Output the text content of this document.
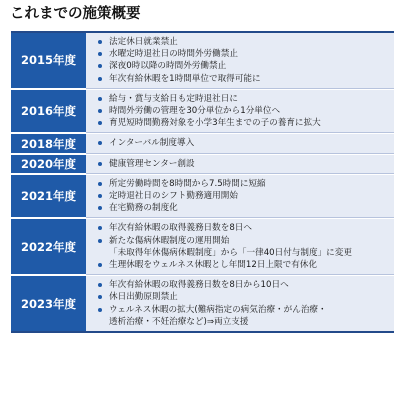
これまでの施策概要
2015年度
法定休日就業禁止
水曜定時退社日の時間外労働禁止
深夜0時以降の時間外労働禁止
年次有給休暇を1時間単位で取得可能に
2016年度
給与・賞与支給日も定時退社日に
時間外労働の管理を30分単位から1分単位へ
育児短時間勤務対象を小学3年生までの子の養育に拡大
2018年度	インターバル制度導入
2020年度	健康管理センター創設
2021年度
所定労働時間を8時間から7.5時間に短縮
定時退社日のシフト勤務適用開始
在宅勤務の制度化
2022年度
年次有給休暇の取得義務日数を8日へ
新たな傷病休暇制度の運用開始
「未取得年休傷病休暇制度」から「一律40日付与制度」に変更
生理休暇をウェルネス休暇とし年間12日上限で有休化
2023年度
年次有給休暇の取得義務日数を8日から10日へ
休日出勤原則禁止
ウェルネス休暇の拡大(難病指定の病気治療・がん治療・
透析治療・不妊治療など)⇒両立支援
